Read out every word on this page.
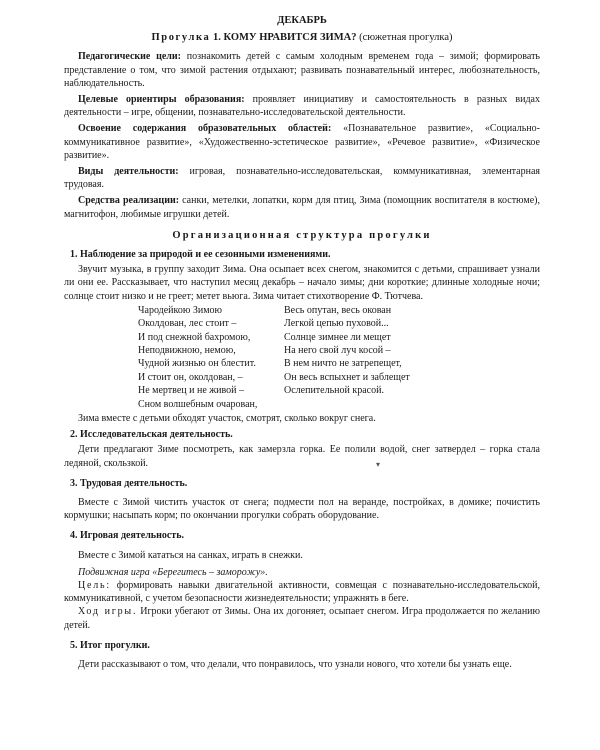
ДЕКАБРЬ
Прогулка 1. КОМУ НРАВИТСЯ ЗИМА? (сюжетная прогулка)

Педагогические цели: познакомить детей с самым холодным временем года – зимой; формировать представление о том, что зимой растения отдыхают; развивать познавательный интерес, любознательность, наблюдательность.

Целевые ориентиры образования: проявляет инициативу и самостоятельность в разных видах деятельности – игре, общении, познавательно-исследовательской деятельности.

Освоение содержания образовательных областей: «Познавательное развитие», «Социально-коммуникативное развитие», «Художественно-эстетическое развитие», «Речевое развитие», «Физическое развитие».

Виды деятельности: игровая, познавательно-исследовательская, коммуникативная, элементарная трудовая.

Средства реализации: санки, метелки, лопатки, корм для птиц, Зима (помощник воспитателя в костюме), магнитофон, любимые игрушки детей.

Организационная структура прогулки
1. Наблюдение за природой и ее сезонными изменениями.

Звучит музыка, в группу заходит Зима. Она осыпает всех снегом, знакомится с детьми, спрашивает узнали ли они ее. Рассказывает, что наступил месяц декабрь – начало зимы; дни короткие; длинные холодные ночи; солнце стоит низко и не греет; метет вьюга. Зима читает стихотворение Ф. Тютчева.

Чародейкою Зимою
Околдован, лес стоит –
И под снежной бахромою,
Неподвижною, немою,
Чудной жизнью он блестит.
И стоит он, околдован, –
Не мертвец и не живой –
Сном волшебным очарован,
Весь опутан, весь окован
Легкой цепью пуховой...
Солнце зимнее ли мещет
На него свой луч косой –
В нем ничто не затрепещет,
Он весь вспыхнет и заблещет
Ослепительной красой.

Зима вместе с детьми обходят участок, смотрят, сколько вокруг снега.

2. Исследовательская деятельность.

Дети предлагают Зиме посмотреть, как замерзла горка. Ее полили водой, снег затвердел – горка стала ледяной, скользкой.

3. Трудовая деятельность.

Вместе с Зимой чистить участок от снега; подмести пол на веранде, постройках, в домике; почистить кормушки; насыпать корм; по окончании прогулки собрать оборудование.

4. Игровая деятельность.

Вместе с Зимой кататься на санках, играть в снежки.

Подвижная игра «Берегитесь – заморожу».

Цель: формировать навыки двигательной активности, совмещая с познавательно-исследовательской, коммуникативной, с учетом безопасности жизнедеятельности; упражнять в беге.

Ход игры. Игроки убегают от Зимы. Она их догоняет, осыпает снегом. Игра продолжается по желанию детей.

5. Итог прогулки.

Дети рассказывают о том, что делали, что понравилось, что узнали нового, что хотели бы узнать еще.

▾
